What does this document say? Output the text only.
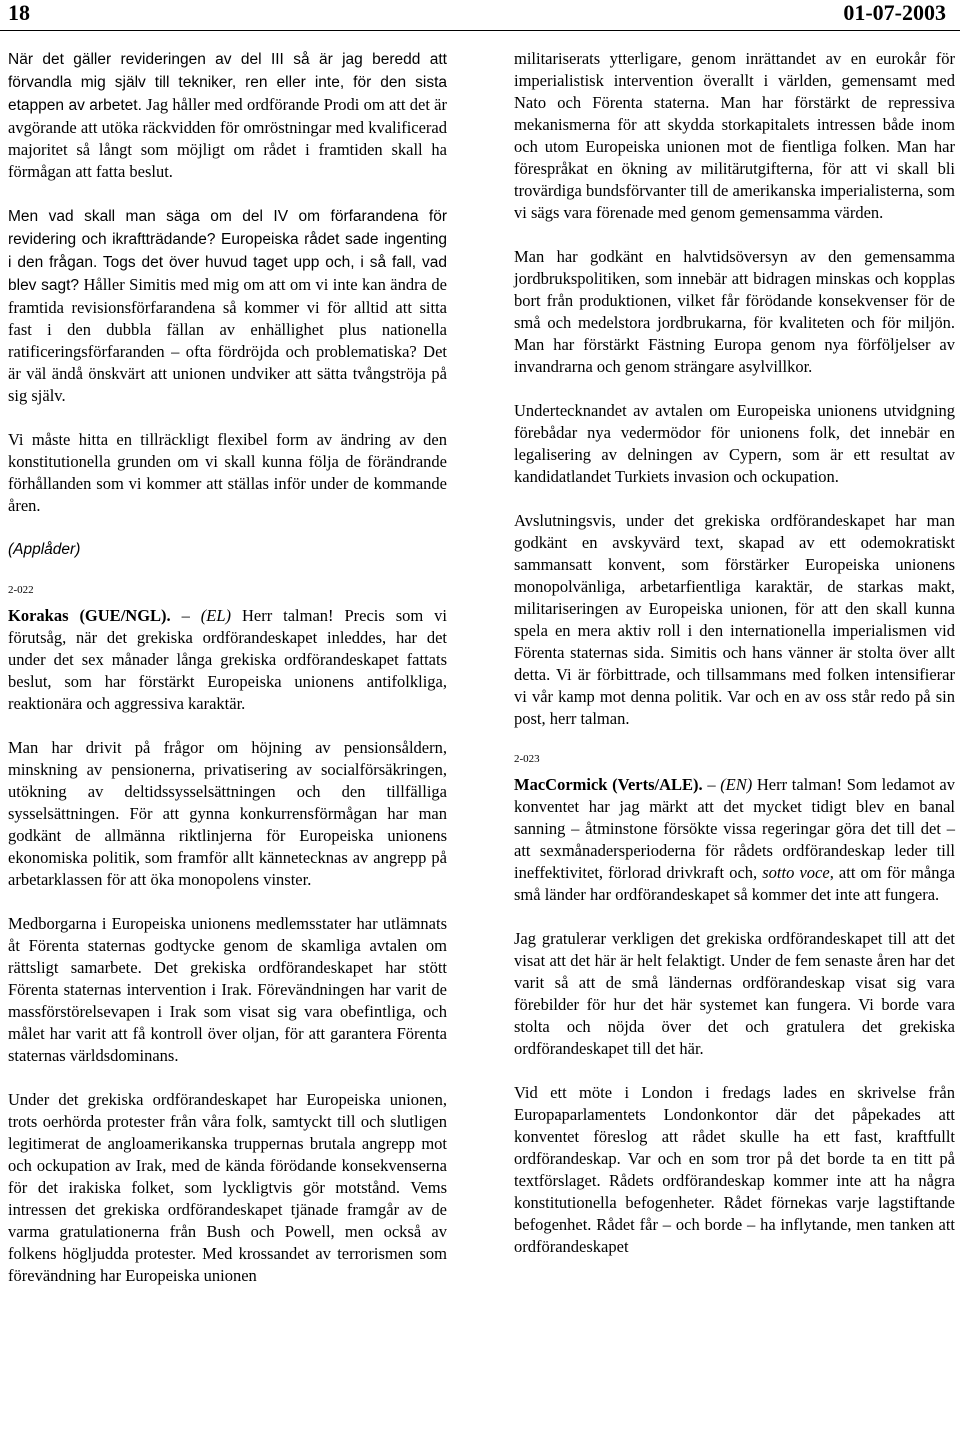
18	01-07-2003

När det gäller revideringen av del III så är jag beredd att förvandla mig själv till tekniker, ren eller inte, för den sista etappen av arbetet. Jag håller med ordförande Prodi om att det är avgörande att utöka räckvidden för omröstningar med kvalificerad majoritet så långt som möjligt om rådet i framtiden skall ha förmågan att fatta beslut.

Men vad skall man säga om del IV om förfarandena för revidering och ikraftträdande? Europeiska rådet sade ingenting i den frågan. Togs det över huvud taget upp och, i så fall, vad blev sagt? Håller Simitis med mig om att om vi inte kan ändra de framtida revisionsförfarandena så kommer vi för alltid att sitta fast i den dubbla fällan av enhällighet plus nationella ratificeringsförfaranden – ofta fördröjda och problematiska? Det är väl ändå önskvärt att unionen undviker att sätta tvångströja på sig själv.

Vi måste hitta en tillräckligt flexibel form av ändring av den konstitutionella grunden om vi skall kunna följa de förändrande förhållanden som vi kommer att ställas inför under de kommande åren.

(Applåder)

2-022

Korakas (GUE/NGL). – (EL) Herr talman! Precis som vi förutsåg, när det grekiska ordförandeskapet inleddes, har det under det sex månader långa grekiska ordförandeskapet fattats beslut, som har förstärkt Europeiska unionens antifolkliga, reaktionära och aggressiva karaktär.

Man har drivit på frågor om höjning av pensionsåldern, minskning av pensionerna, privatisering av socialförsäkringen, utökning av deltidssysselsättningen och den tillfälliga sysselsättningen. För att gynna konkurrensförmågan har man godkänt de allmänna riktlinjerna för Europeiska unionens ekonomiska politik, som framför allt kännetecknas av angrepp på arbetarklassen för att öka monopolens vinster.

Medborgarna i Europeiska unionens medlemsstater har utlämnats åt Förenta staternas godtycke genom de skamliga avtalen om rättsligt samarbete. Det grekiska ordförandeskapet har stött Förenta staternas intervention i Irak. Förevändningen har varit de massförstörelsevapen i Irak som visat sig vara obefintliga, och målet har varit att få kontroll över oljan, för att garantera Förenta staternas världsdominans.

Under det grekiska ordförandeskapet har Europeiska unionen, trots oerhörda protester från våra folk, samtyckt till och slutligen legitimerat de angloamerikanska truppernas brutala angrepp mot och ockupation av Irak, med de kända förödande konsekvenserna för det irakiska folket, som lyckligtvis gör motstånd. Vems intressen det grekiska ordförandeskapet tjänade framgår av de varma gratulationerna från Bush och Powell, men också av folkens högljudda protester. Med krossandet av terrorismen som förevändning har Europeiska unionen

militariserats ytterligare, genom inrättandet av en eurokår för imperialistisk intervention överallt i världen, gemensamt med Nato och Förenta staterna. Man har förstärkt de repressiva mekanismerna för att skydda storkapitalets intressen både inom och utom Europeiska unionen mot de fientliga folken. Man har förespråkat en ökning av militärutgifterna, för att vi skall bli trovärdiga bundsförvanter till de amerikanska imperialisterna, som vi sägs vara förenade med genom gemensamma värden.

Man har godkänt en halvtidsöversyn av den gemensamma jordbrukspolitiken, som innebär att bidragen minskas och kopplas bort från produktionen, vilket får förödande konsekvenser för de små och medelstora jordbrukarna, för kvaliteten och för miljön. Man har förstärkt Fästning Europa genom nya förföljelser av invandrarna och genom strängare asylvillkor.

Undertecknandet av avtalen om Europeiska unionens utvidgning förebådar nya vedermödor för unionens folk, det innebär en legalisering av delningen av Cypern, som är ett resultat av kandidatlandet Turkiets invasion och ockupation.

Avslutningsvis, under det grekiska ordförandeskapet har man godkänt en avskyvärd text, skapad av ett odemokratiskt sammansatt konvent, som förstärker Europeiska unionens monopolvänliga, arbetarfientliga karaktär, de starkas makt, militariseringen av Europeiska unionen, för att den skall kunna spela en mera aktiv roll i den internationella imperialismen vid Förenta staternas sida. Simitis och hans vänner är stolta över allt detta. Vi är förbittrade, och tillsammans med folken intensifierar vi vår kamp mot denna politik. Var och en av oss står redo på sin post, herr talman.

2-023

MacCormick (Verts/ALE). – (EN) Herr talman! Som ledamot av konventet har jag märkt att det mycket tidigt blev en banal sanning – åtminstone försökte vissa regeringar göra det till det – att sexmånadersperioderna för rådets ordförandeskap leder till ineffektivitet, förlorad drivkraft och, sotto voce, att om för många små länder har ordförandeskapet så kommer det inte att fungera.

Jag gratulerar verkligen det grekiska ordförandeskapet till att det visat att det här är helt felaktigt. Under de fem senaste åren har det varit så att de små ländernas ordförandeskap visat sig vara förebilder för hur det här systemet kan fungera. Vi borde vara stolta och nöjda över det och gratulera det grekiska ordförandeskapet till det här.

Vid ett möte i London i fredags lades en skrivelse från Europaparlamentets Londonkontor där det påpekades att konventet föreslog att rådet skulle ha ett fast, kraftfullt ordförandeskap. Var och en som tror på det borde ta en titt på textförslaget. Rådets ordförandeskap kommer inte att ha några konstitutionella befogenheter. Rådet förnekas varje lagstiftande befogenhet. Rådet får – och borde – ha inflytande, men tanken att ordförandeskapet
